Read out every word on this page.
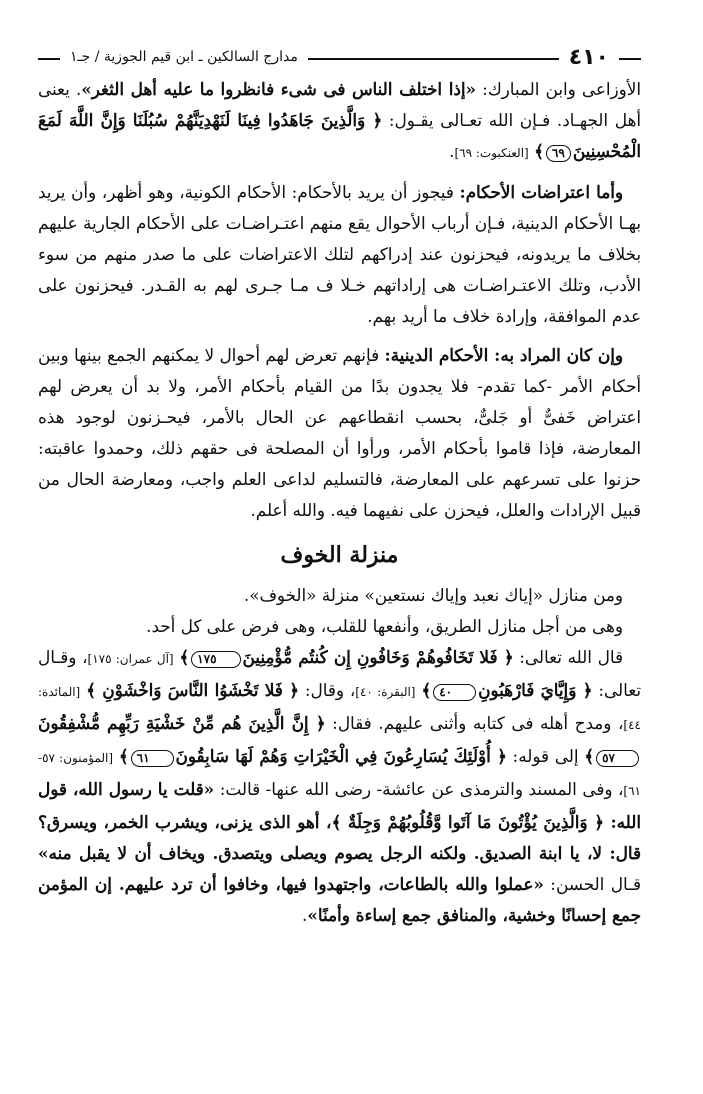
٤١٠
مدارج السالكين ـ ابن قيم الجوزية / جـ١

الأوزاعى وابن المبارك: «إذا اختلف الناس فى شىء فانظروا ما عليه أهل الثغر». يعنى أهل الجهـاد. فـإن الله تعـالى يقـول: ﴿ وَالَّذِينَ جَاهَدُوا فِينَا لَنَهْدِيَنَّهُمْ سُبُلَنَا وَإِنَّ اللَّهَ لَمَعَ الْمُحْسِنِينَ٦٩﴾ [العنكبوت: ٦٩].

وأما اعتراضات الأحكام: فيجوز أن يريد بالأحكام: الأحكام الكونية، وهو أظهر، وأن يريد بهـا الأحكام الدينية، فـإن أرباب الأحوال يقع منهم اعتـراضـات على الأحكام الجارية عليهم بخلاف ما يريدونه، فيحزنون عند إدراكهم لتلك الاعتراضات على ما صدر منهم من سوء الأدب، وتلك الاعتـراضـات هى إراداتهم خـلا ف مـا جـرى لهم به القـدر. فيحزنون على عدم الموافقة، وإرادة خلاف ما أريد بهم.

وإن كان المراد به: الأحكام الدينية: فإنهم تعرض لهم أحوال لا يمكنهم الجمع بينها وبين أحكام الأمر -كما تقدم- فلا يجدون بدًا من القيام بأحكام الأمر، ولا بد أن يعرض لهم اعتراض خَفىٌّ أو جَلىٌّ، بحسب انقطاعهم عن الحال بالأمر، فيحـزنون لوجود هذه المعارضة، فإذا قاموا بأحكام الأمر، ورأوا أن المصلحة فى حقهم ذلك، وحمدوا عاقبته: حزنوا على تسرعهم على المعارضة، فالتسليم لداعى العلم واجب، ومعارضة الحال من قبيل الإرادات والعلل، فيحزن على نفيهما فيه. والله أعلم.

منزلة الخوف

ومن منازل «إياك نعبد وإياك نستعين» منزلة «الخوف».

وهى من أجل منازل الطريق، وأنفعها للقلب، وهى فرض على كل أحد.

قال الله تعالى: ﴿ فَلا تَخَافُوهُمْ وَخَافُونِ إِن كُنتُم مُّؤْمِنِينَ١٧٥﴾ [آل عمران: ١٧٥]، وقـال تعالى: ﴿ وَإِيَّايَ فَارْهَبُونِ٤٠﴾ [البقرة: ٤٠]، وقال: ﴿ فَلا تَخْشَوُا النَّاسَ وَاخْشَوْنِ ﴾ [المائدة: ٤٤]، ومدح أهله فى كتابه وأثنى عليهم. فقال: ﴿ إِنَّ الَّذِينَ هُم مِّنْ خَشْيَةِ رَبِّهِم مُّشْفِقُونَ٥٧﴾ إلى قوله: ﴿ أُوْلَئِكَ يُسَارِعُونَ فِي الْخَيْرَاتِ وَهُمْ لَهَا سَابِقُونَ٦١﴾ [المؤمنون: ٥٧- ٦١]، وفى المسند والترمذى عن عائشة- رضى الله عنها- قالت: «قلت يا رسول الله، قول الله: ﴿ وَالَّذِينَ يُؤْتُونَ مَا آتَوا وَّقُلُوبُهُمْ وَجِلَةٌ ﴾، أهو الذى يزنى، ويشرب الخمر، ويسرق؟ قال: لا، يا ابنة الصديق. ولكنه الرجل يصوم ويصلى ويتصدق. ويخاف أن لا يقبل منه» قـال الحسن: «عملوا والله بالطاعات، واجتهدوا فيها، وخافوا أن ترد عليهم. إن المؤمن جمع إحسانًا وخشية، والمنافق جمع إساءة وأمنًا».
